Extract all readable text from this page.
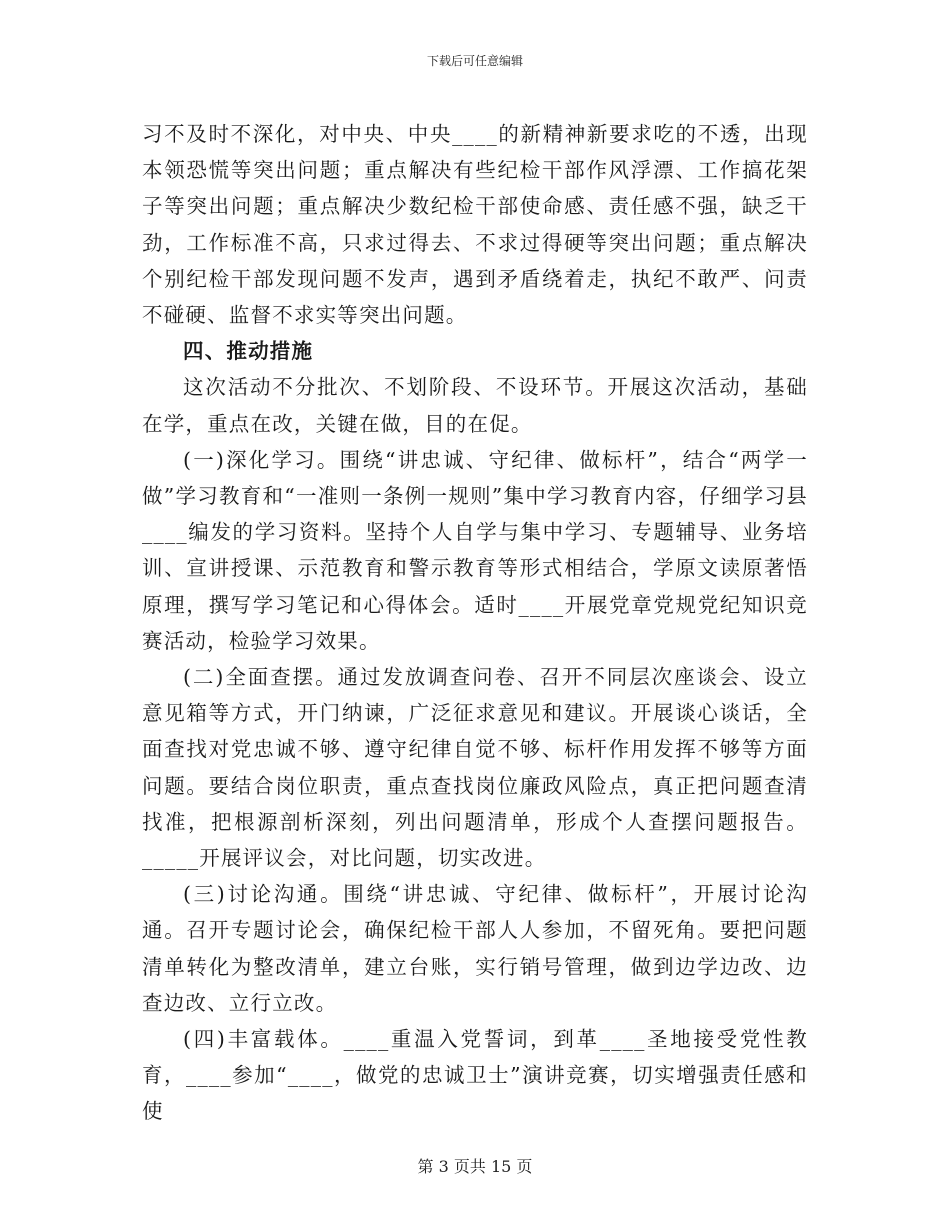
下载后可任意编辑

习不及时不深化，对中央、中央____的新精神新要求吃的不透，出现本领恐慌等突出问题；重点解决有些纪检干部作风浮漂、工作搞花架子等突出问题；重点解决少数纪检干部使命感、责任感不强，缺乏干劲，工作标准不高，只求过得去、不求过得硬等突出问题；重点解决个别纪检干部发现问题不发声，遇到矛盾绕着走，执纪不敢严、问责不碰硬、监督不求实等突出问题。

四、推动措施

这次活动不分批次、不划阶段、不设环节。开展这次活动，基础在学，重点在改，关键在做，目的在促。

(一)深化学习。围绕“讲忠诚、守纪律、做标杆”，结合“两学一做”学习教育和“一准则一条例一规则”集中学习教育内容，仔细学习县____编发的学习资料。坚持个人自学与集中学习、专题辅导、业务培训、宣讲授课、示范教育和警示教育等形式相结合，学原文读原著悟原理，撰写学习笔记和心得体会。适时____开展党章党规党纪知识竞赛活动，检验学习效果。

(二)全面查摆。通过发放调查问卷、召开不同层次座谈会、设立意见箱等方式，开门纳谏，广泛征求意见和建议。开展谈心谈话，全面查找对党忠诚不够、遵守纪律自觉不够、标杆作用发挥不够等方面问题。要结合岗位职责，重点查找岗位廉政风险点，真正把问题查清找准，把根源剖析深刻，列出问题清单，形成个人查摆问题报告。_____开展评议会，对比问题，切实改进。

(三)讨论沟通。围绕“讲忠诚、守纪律、做标杆”，开展讨论沟通。召开专题讨论会，确保纪检干部人人参加，不留死角。要把问题清单转化为整改清单，建立台账，实行销号管理，做到边学边改、边查边改、立行立改。

(四)丰富载体。____重温入党誓词，到革____圣地接受党性教育，____参加“____，做党的忠诚卫士”演讲竞赛，切实增强责任感和使

第 3 页共 15 页
